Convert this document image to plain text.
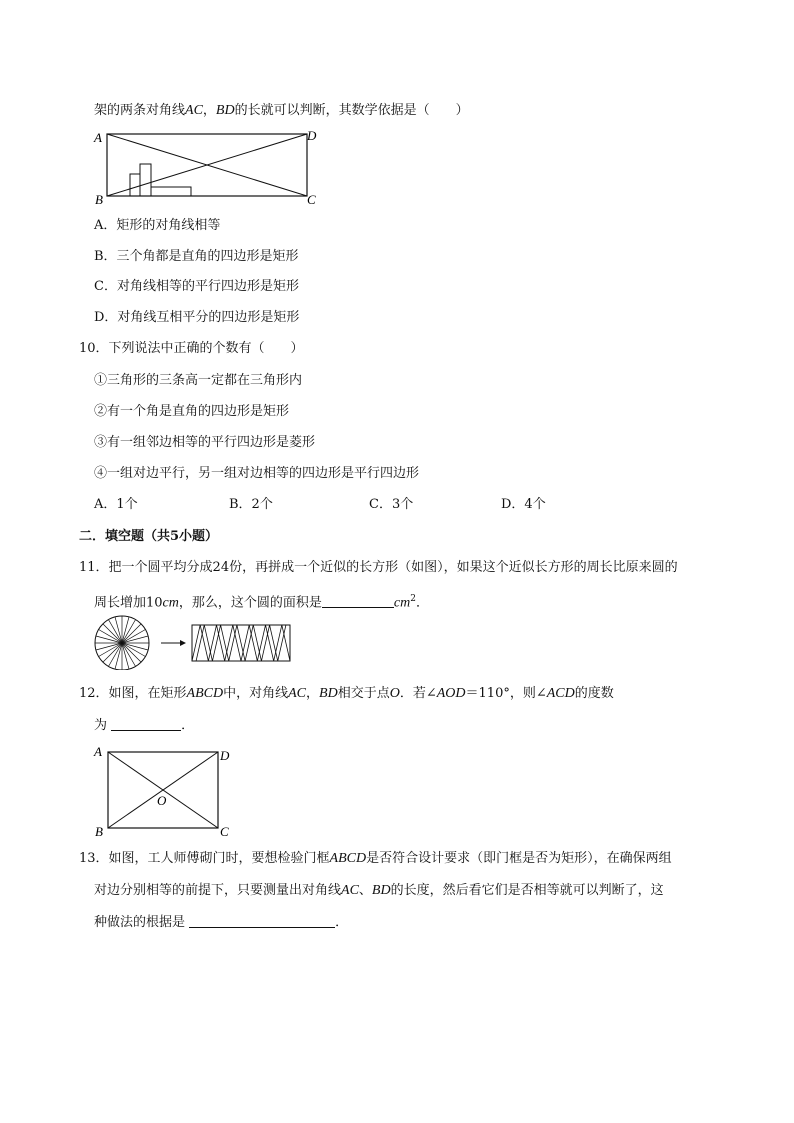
架的两条对角线AC，BD的长就可以判断，其数学依据是（　　）
A
B	C
D
A．矩形的对角线相等
B．三个角都是直角的四边形是矩形
C．对角线相等的平行四边形是矩形
D．对角线互相平分的四边形是矩形
10．下列说法中正确的个数有（　　）
①三角形的三条高一定都在三角形内
②有一个角是直角的四边形是矩形
③有一组邻边相等的平行四边形是菱形
④一组对边平行，另一组对边相等的四边形是平行四边形
A．1个	B．2个	C．3个	D．4个
二．填空题（共5小题）
11．把一个圆平均分成24份，再拼成一个近似的长方形（如图），如果这个近似长方形的周长比原来圆的
周长增加10cm，那么，这个圆的面积是	$cm^2$．
12．如图，在矩形ABCD中，对角线AC，BD相交于点O．若∠AOD＝110°，则∠ACD的度数
为	．
A
B	C
D
O
13．如图，工人师傅砌门时，要想检验门框ABCD是否符合设计要求（即门框是否为矩形），在确保两组
对边分别相等的前提下，只要测量出对角线AC、BD的长度，然后看它们是否相等就可以判断了，这
种做法的根据是	．
